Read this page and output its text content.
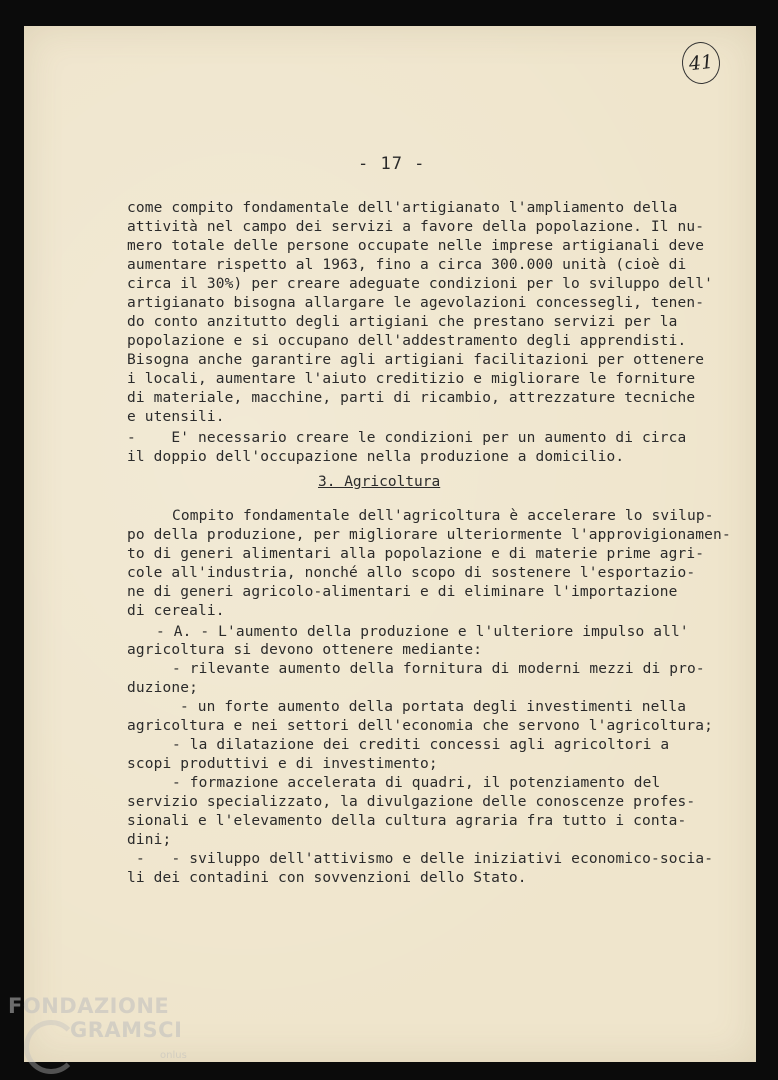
41
- 17 -
come compito fondamentale dell'artigianato l'ampliamento della
attività nel campo dei servizi a favore della popolazione. Il nu-
mero totale delle persone occupate nelle imprese artigianali deve
aumentare rispetto al 1963, fino a circa 300.000 unità (cioè di
circa il 30%) per creare adeguate condizioni per lo sviluppo dell'
artigianato bisogna allargare le agevolazioni concessegli, tenen-
do conto anzitutto degli artigiani che prestano servizi per la
popolazione e si occupano dell'addestramento degli apprendisti.
Bisogna anche garantire agli artigiani facilitazioni per ottenere
i locali, aumentare l'aiuto creditizio e migliorare le forniture
di materiale, macchine, parti di ricambio, attrezzature tecniche
e utensili.
-    E' necessario creare le condizioni per un aumento di circa
il doppio dell'occupazione nella produzione a domicilio.
3. Agricoltura
Compito fondamentale dell'agricoltura è accelerare lo svilup-
po della produzione, per migliorare ulteriormente l'approvigionamen-
to di generi alimentari alla popolazione e di materie prime agri-
cole all'industria, nonché allo scopo di sostenere l'esportazio-
ne di generi agricolo-alimentari e di eliminare l'importazione
di cereali.
- A. - L'aumento della produzione e l'ulteriore impulso all'
agricoltura si devono ottenere mediante:
- rilevante aumento della fornitura di moderni mezzi di pro-
duzione;
- un forte aumento della portata degli investimenti nella
agricoltura e nei settori dell'economia che servono l'agricoltura;
- la dilatazione dei crediti concessi agli agricoltori a
scopi produttivi e di investimento;
- formazione accelerata di quadri, il potenziamento del
servizio specializzato, la divulgazione delle conoscenze profes-
sionali e l'elevamento della cultura agraria fra tutto i conta-
dini;
-   - sviluppo dell'attivismo e delle iniziativi economico-socia-
li dei contadini con sovvenzioni dello Stato.
FONDAZIONE
GRAMSCI
onlus
